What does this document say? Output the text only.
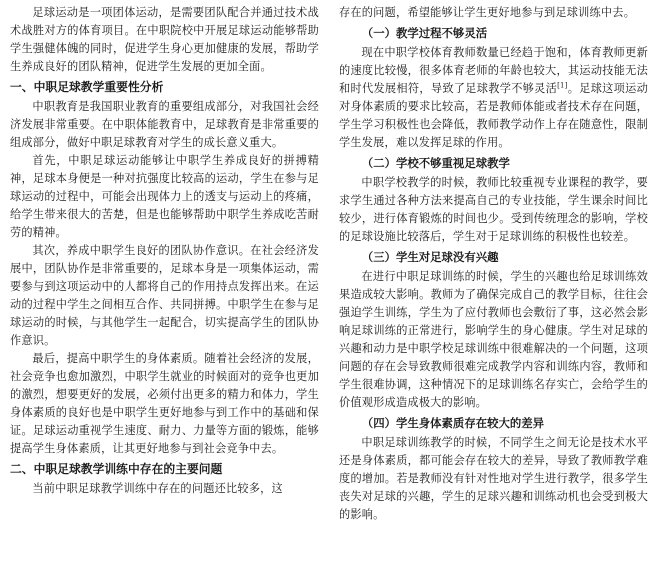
足球运动是一项团体运动，是需要团队配合并通过技术战术战胜对方的体育项目。在中职院校中开展足球运动能够帮助学生强健体魄的同时，促进学生身心更加健康的发展，帮助学生养成良好的团队精神，促进学生发展的更加全面。

一、中职足球教学重要性分析

中职教育是我国职业教育的重要组成部分，对我国社会经济发展非常重要。在中职体能教育中，足球教育是非常重要的组成部分，做好中职足球教育对学生的成长意义重大。

首先，中职足球运动能够让中职学生养成良好的拼搏精神，足球本身便是一种对抗强度比较高的运动，学生在参与足球运动的过程中，可能会出现体力上的透支与运动上的疼痛，给学生带来很大的苦楚，但是也能够帮助中职学生养成吃苦耐劳的精神。

其次，养成中职学生良好的团队协作意识。在社会经济发展中，团队协作是非常重要的，足球本身是一项集体运动，需要参与到这项运动中的人都将自己的作用持点发挥出来。在运动的过程中学生之间相互合作、共同拼搏。中职学生在参与足球运动的时候，与其他学生一起配合，切实提高学生的团队协作意识。

最后，提高中职学生的身体素质。随着社会经济的发展，社会竞争也愈加激烈，中职学生就业的时候面对的竞争也更加的激烈，想要更好的发展，必须付出更多的精力和体力，学生身体素质的良好也是中职学生更好地参与到工作中的基础和保证。足球运动重视学生速度、耐力、力量等方面的锻炼，能够提高学生身体素质，让其更好地参与到社会竞争中去。

二、中职足球教学训练中存在的主要问题

当前中职足球教学训练中存在的问题还比较多，这

存在的问题，希望能够让学生更好地参与到足球训练中去。

（一）教学过程不够灵活

现在中职学校体育教师数量已经趋于饱和，体育教师更新的速度比较慢，很多体育老师的年龄也较大，其运动技能无法和时代发展相符，导致了足球教学不够灵活[1]。足球这项运动对身体素质的要求比较高，若是教师体能或者技术存在问题，学生学习积极性也会降低，教师教学动作上存在随意性，限制学生发展，难以发挥足球的作用。

（二）学校不够重视足球教学

中职学校教学的时候，教师比较重视专业课程的教学，要求学生通过各种方法来提高自己的专业技能，学生课余时间比较少，进行体育锻炼的时间也少。受到传统理念的影响，学校的足球设施比较落后，学生对于足球训练的积极性也较差。

（三）学生对足球没有兴趣

在进行中职足球训练的时候，学生的兴趣也给足球训练效果造成较大影响。教师为了确保完成自己的教学目标，往往会强迫学生训练，学生为了应付教师也会敷衍了事，这必然会影响足球训练的正常进行，影响学生的身心健康。学生对足球的兴趣和动力是中职学校足球训练中很难解决的一个问题，这项问题的存在会导致教师很难完成教学内容和训练内容，教师和学生很难协调，这种情况下的足球训练名存实亡，会给学生的价值观形成造成极大的影响。

（四）学生身体素质存在较大的差异

中职足球训练教学的时候，不同学生之间无论是技术水平还是身体素质，都可能会存在较大的差异，导致了教师教学难度的增加。若是教师没有针对性地对学生进行教学，很多学生丧失对足球的兴趣，学生的足球兴趣和训练动机也会受到极大的影响。
